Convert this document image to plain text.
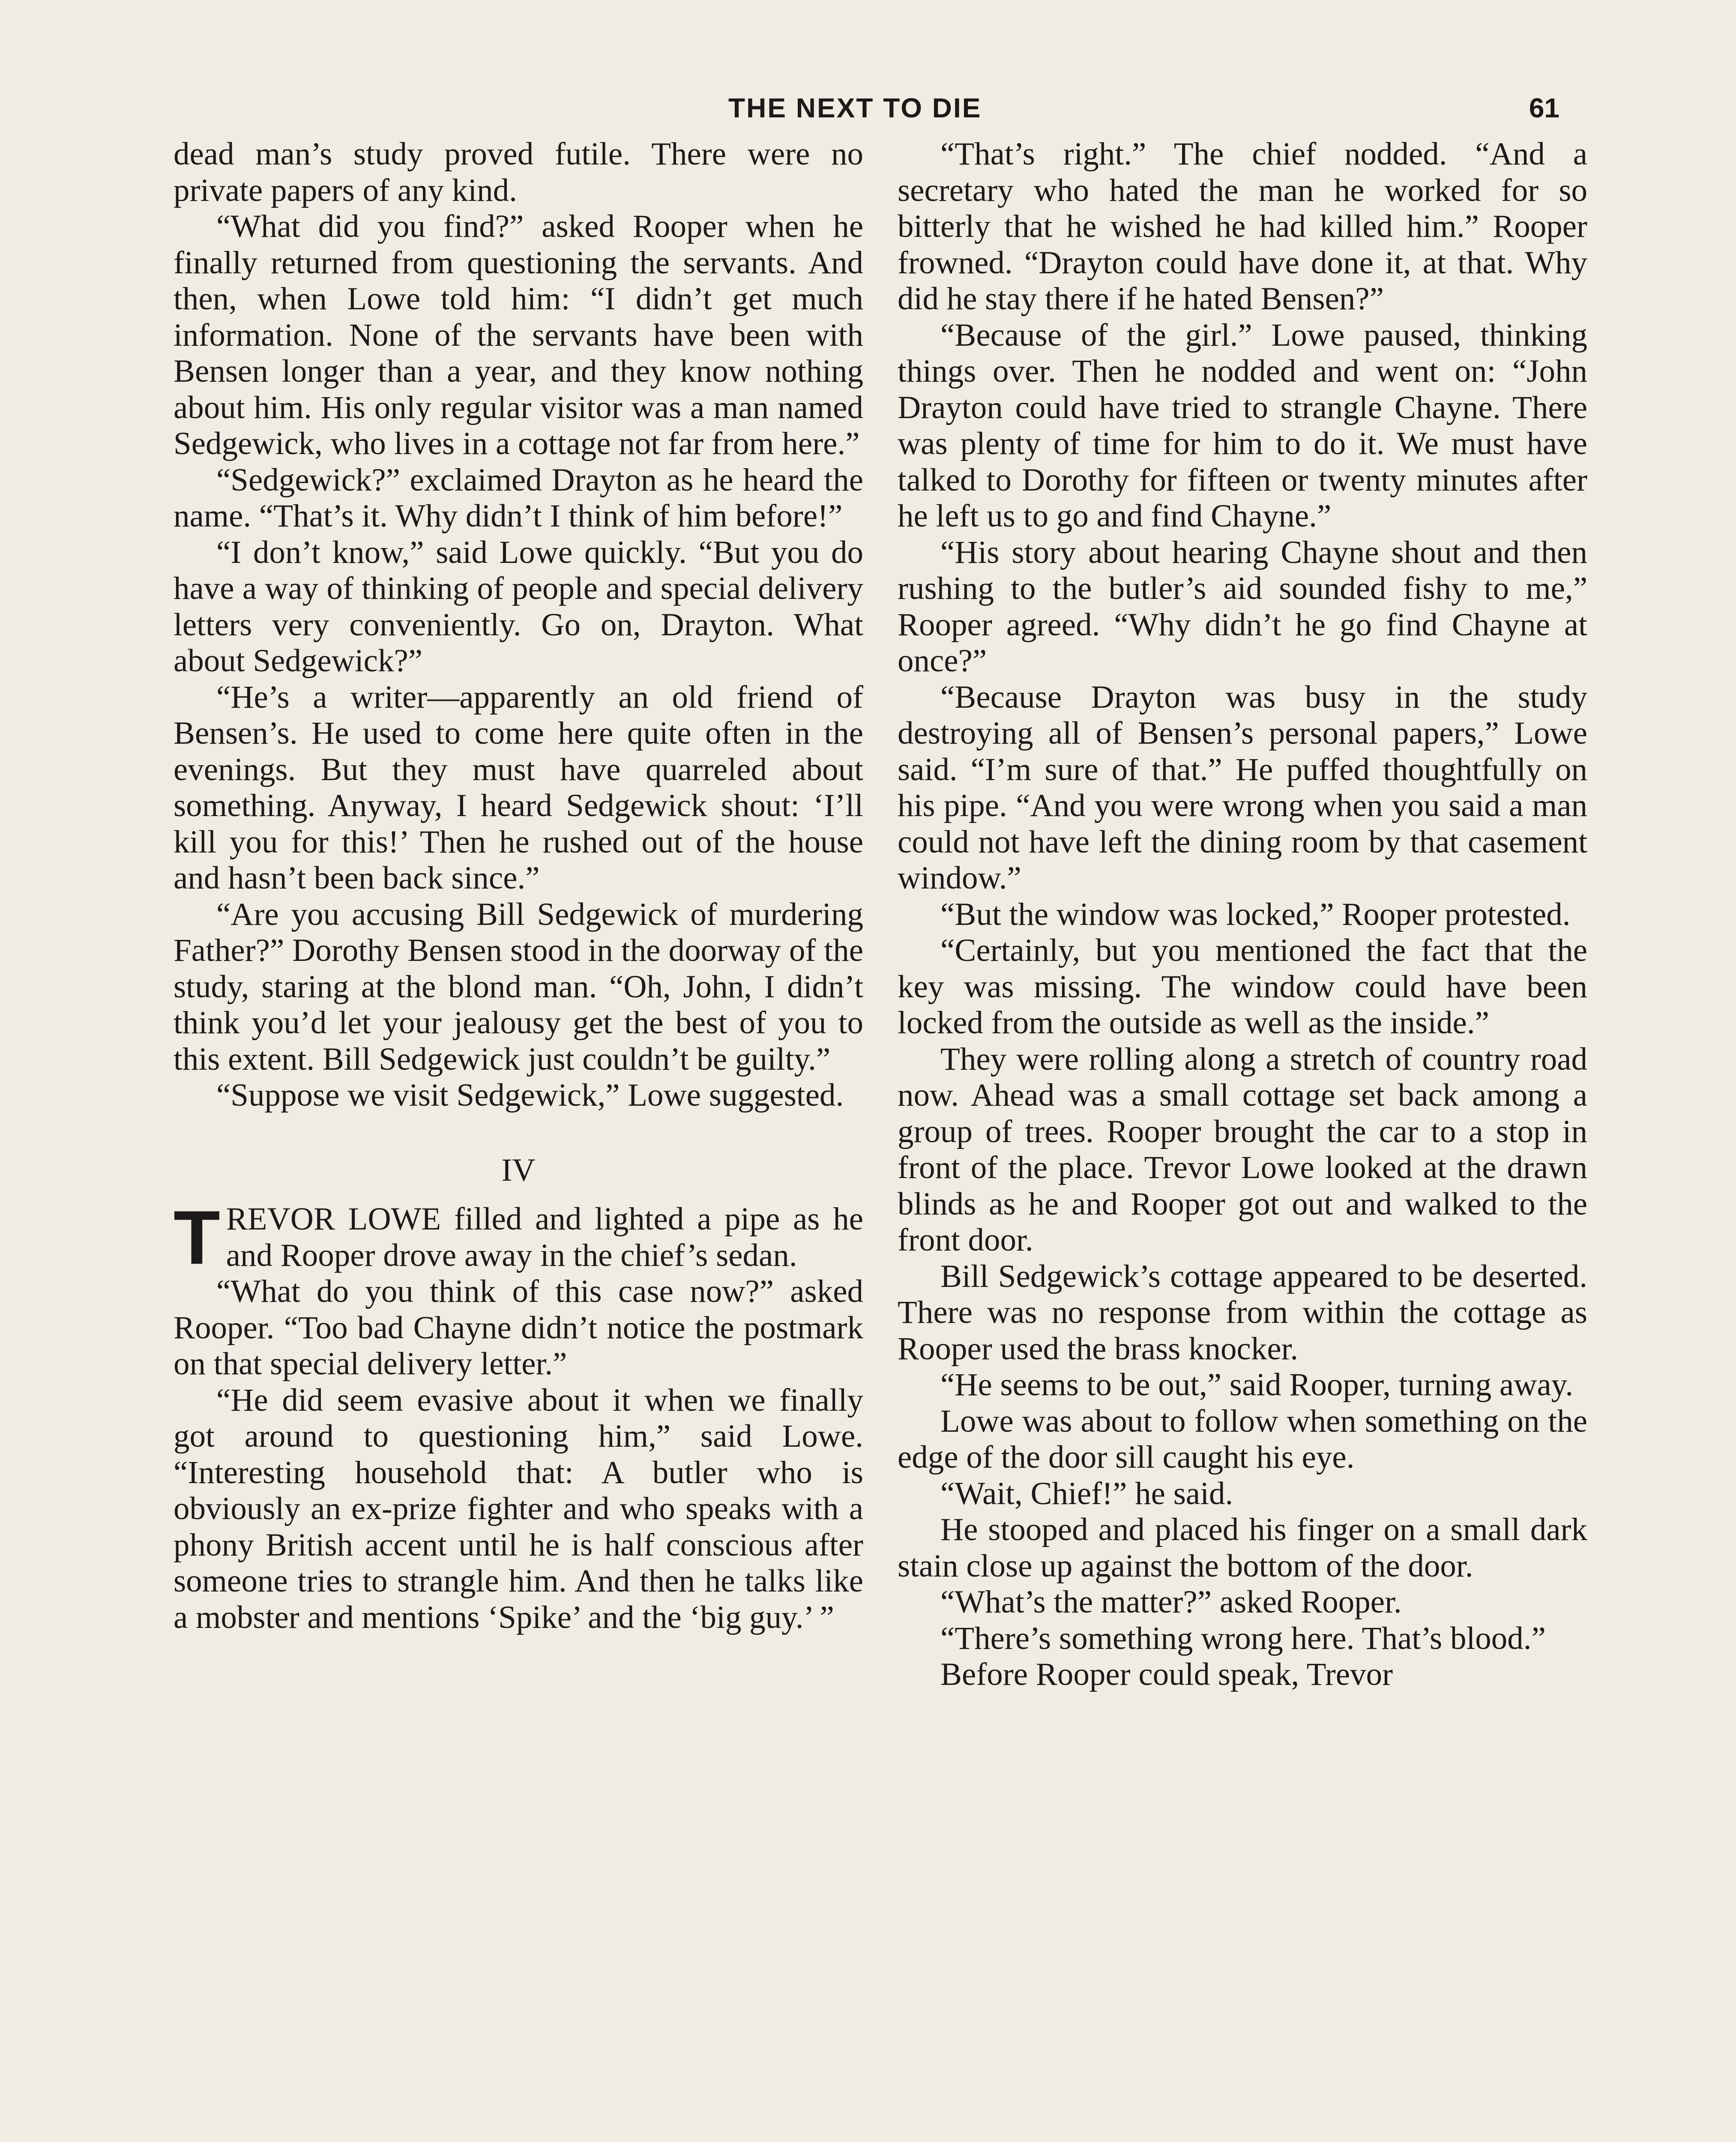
THE NEXT TO DIE	61

dead man’s study proved futile. There were no private papers of any kind.

“What did you find?” asked Rooper when he finally returned from questioning the servants. And then, when Lowe told him: “I didn’t get much information. None of the servants have been with Bensen longer than a year, and they know nothing about him. His only regular visitor was a man named Sedgewick, who lives in a cottage not far from here.”

“Sedgewick?” exclaimed Drayton as he heard the name. “That’s it. Why didn’t I think of him before!”

“I don’t know,” said Lowe quickly. “But you do have a way of thinking of people and special delivery letters very conveniently. Go on, Drayton. What about Sedgewick?”

“He’s a writer—apparently an old friend of Bensen’s. He used to come here quite often in the evenings. But they must have quarreled about something. Anyway, I heard Sedgewick shout: ‘I’ll kill you for this!’ Then he rushed out of the house and hasn’t been back since.”

“Are you accusing Bill Sedgewick of murdering Father?” Dorothy Bensen stood in the doorway of the study, staring at the blond man. “Oh, John, I didn’t think you’d let your jealousy get the best of you to this extent. Bill Sedgewick just couldn’t be guilty.”

“Suppose we visit Sedgewick,” Lowe suggested.

IV

TREVOR LOWE filled and lighted a pipe as he and Rooper drove away in the chief’s sedan.

“What do you think of this case now?” asked Rooper. “Too bad Chayne didn’t notice the postmark on that special delivery letter.”

“He did seem evasive about it when we finally got around to questioning him,” said Lowe. “Interesting household that: A butler who is obviously an ex-prize fighter and who speaks with a phony British accent until he is half conscious after someone tries to strangle him. And then he talks like a mobster and mentions ‘Spike’ and the ‘big guy.’ ”

“That’s right.” The chief nodded. “And a secretary who hated the man he worked for so bitterly that he wished he had killed him.” Rooper frowned. “Drayton could have done it, at that. Why did he stay there if he hated Bensen?”

“Because of the girl.” Lowe paused, thinking things over. Then he nodded and went on: “John Drayton could have tried to strangle Chayne. There was plenty of time for him to do it. We must have talked to Dorothy for fifteen or twenty minutes after he left us to go and find Chayne.”

“His story about hearing Chayne shout and then rushing to the butler’s aid sounded fishy to me,” Rooper agreed. “Why didn’t he go find Chayne at once?”

“Because Drayton was busy in the study destroying all of Bensen’s personal papers,” Lowe said. “I’m sure of that.” He puffed thoughtfully on his pipe. “And you were wrong when you said a man could not have left the dining room by that casement window.”

“But the window was locked,” Rooper protested.

“Certainly, but you mentioned the fact that the key was missing. The window could have been locked from the outside as well as the inside.”

They were rolling along a stretch of country road now. Ahead was a small cottage set back among a group of trees. Rooper brought the car to a stop in front of the place. Trevor Lowe looked at the drawn blinds as he and Rooper got out and walked to the front door.

Bill Sedgewick’s cottage appeared to be deserted. There was no response from within the cottage as Rooper used the brass knocker.

“He seems to be out,” said Rooper, turning away.

Lowe was about to follow when something on the edge of the door sill caught his eye.

“Wait, Chief!” he said.

He stooped and placed his finger on a small dark stain close up against the bottom of the door.

“What’s the matter?” asked Rooper.

“There’s something wrong here. That’s blood.”

Before Rooper could speak, Trevor
